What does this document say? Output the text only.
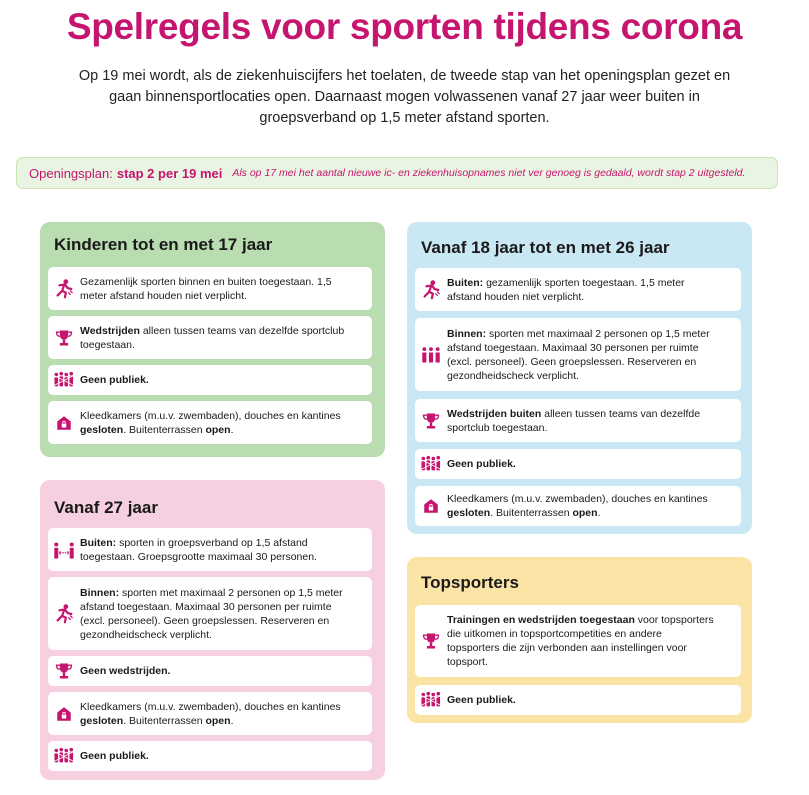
Spelregels voor sporten tijdens corona
Op 19 mei wordt, als de ziekenhuiscijfers het toelaten, de tweede stap van het openingsplan gezet en
gaan binnensportlocaties open. Daarnaast mogen volwassenen vanaf 27 jaar weer buiten in
groepsverband op 1,5 meter afstand sporten.
Openingsplan: stap 2 per 19 mei Als op 17 mei het aantal nieuwe ic- en ziekenhuisopnames niet ver genoeg is gedaald, wordt stap 2 uitgesteld.
Kinderen tot en met 17 jaar
Gezamenlijk sporten binnen en buiten toegestaan. 1,5
meter afstand houden niet verplicht.
Wedstrijden alleen tussen teams van dezelfde sportclub
toegestaan.
Geen publiek.
Kleedkamers (m.u.v. zwembaden), douches en kantines
gesloten. Buitenterrassen open.
Vanaf 18 jaar tot en met 26 jaar
Buiten: gezamenlijk sporten toegestaan. 1,5 meter
afstand houden niet verplicht.
Binnen: sporten met maximaal 2 personen op 1,5 meter
afstand toegestaan. Maximaal 30 personen per ruimte
(excl. personeel). Geen groepslessen. Reserveren en
gezondheidscheck verplicht.
Wedstrijden buiten alleen tussen teams van dezelfde
sportclub toegestaan.
Geen publiek.
Kleedkamers (m.u.v. zwembaden), douches en kantines
gesloten. Buitenterrassen open.
Vanaf 27 jaar
Buiten: sporten in groepsverband op 1,5 afstand
toegestaan. Groepsgrootte maximaal 30 personen.
Binnen: sporten met maximaal 2 personen op 1,5 meter
afstand toegestaan. Maximaal 30 personen per ruimte
(excl. personeel). Geen groepslessen. Reserveren en
gezondheidscheck verplicht.
Geen wedstrijden.
Kleedkamers (m.u.v. zwembaden), douches en kantines
gesloten. Buitenterrassen open.
Geen publiek.
Topsporters
Trainingen en wedstrijden toegestaan voor topsporters
die uitkomen in topsportcompetities en andere
topsporters die zijn verbonden aan instellingen voor
topsport.
Geen publiek.
